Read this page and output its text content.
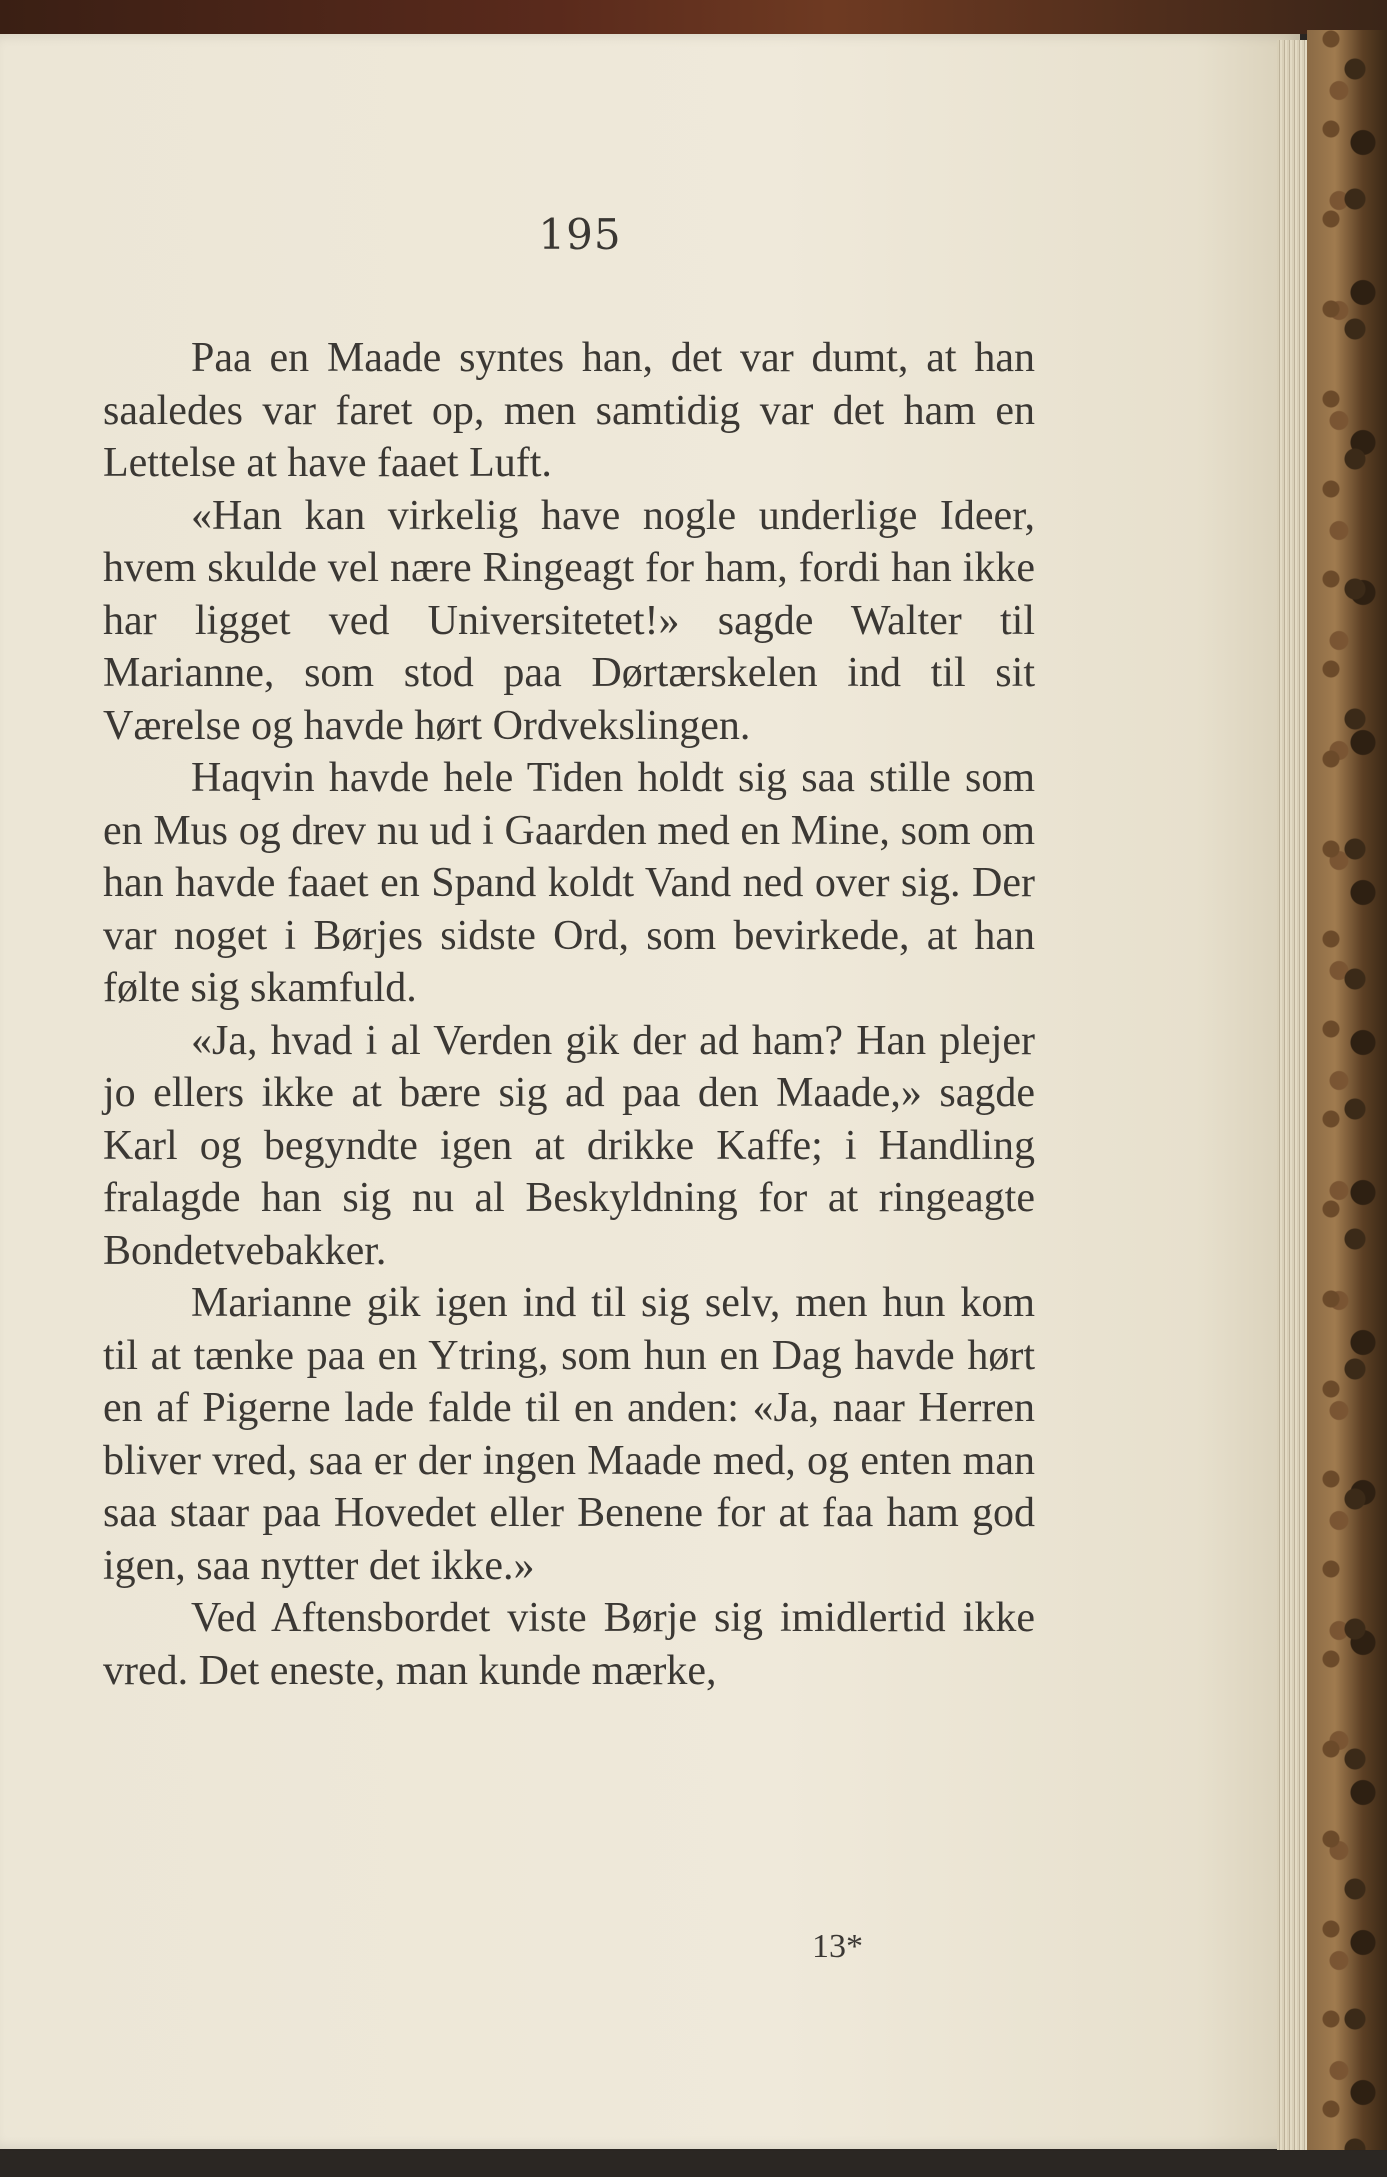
195

Paa en Maade syntes han, det var dumt, at han saaledes var faret op, men samtidig var det ham en Lettelse at have faaet Luft.

«Han kan virkelig have nogle underlige Ideer, hvem skulde vel nære Ringeagt for ham, fordi han ikke har ligget ved Universitetet!» sagde Walter til Marianne, som stod paa Dørtærskelen ind til sit Værelse og havde hørt Ordvekslingen.

Haqvin havde hele Tiden holdt sig saa stille som en Mus og drev nu ud i Gaarden med en Mine, som om han havde faaet en Spand koldt Vand ned over sig. Der var noget i Børjes sidste Ord, som bevirkede, at han følte sig skamfuld.

«Ja, hvad i al Verden gik der ad ham? Han plejer jo ellers ikke at bære sig ad paa den Maade,» sagde Karl og begyndte igen at drikke Kaffe; i Handling fralagde han sig nu al Beskyldning for at ringeagte Bondetvebakker.

Marianne gik igen ind til sig selv, men hun kom til at tænke paa en Ytring, som hun en Dag havde hørt en af Pigerne lade falde til en anden: «Ja, naar Herren bliver vred, saa er der ingen Maade med, og enten man saa staar paa Hovedet eller Benene for at faa ham god igen, saa nytter det ikke.»

Ved Aftensbordet viste Børje sig imidlertid ikke vred. Det eneste, man kunde mærke,

13*
